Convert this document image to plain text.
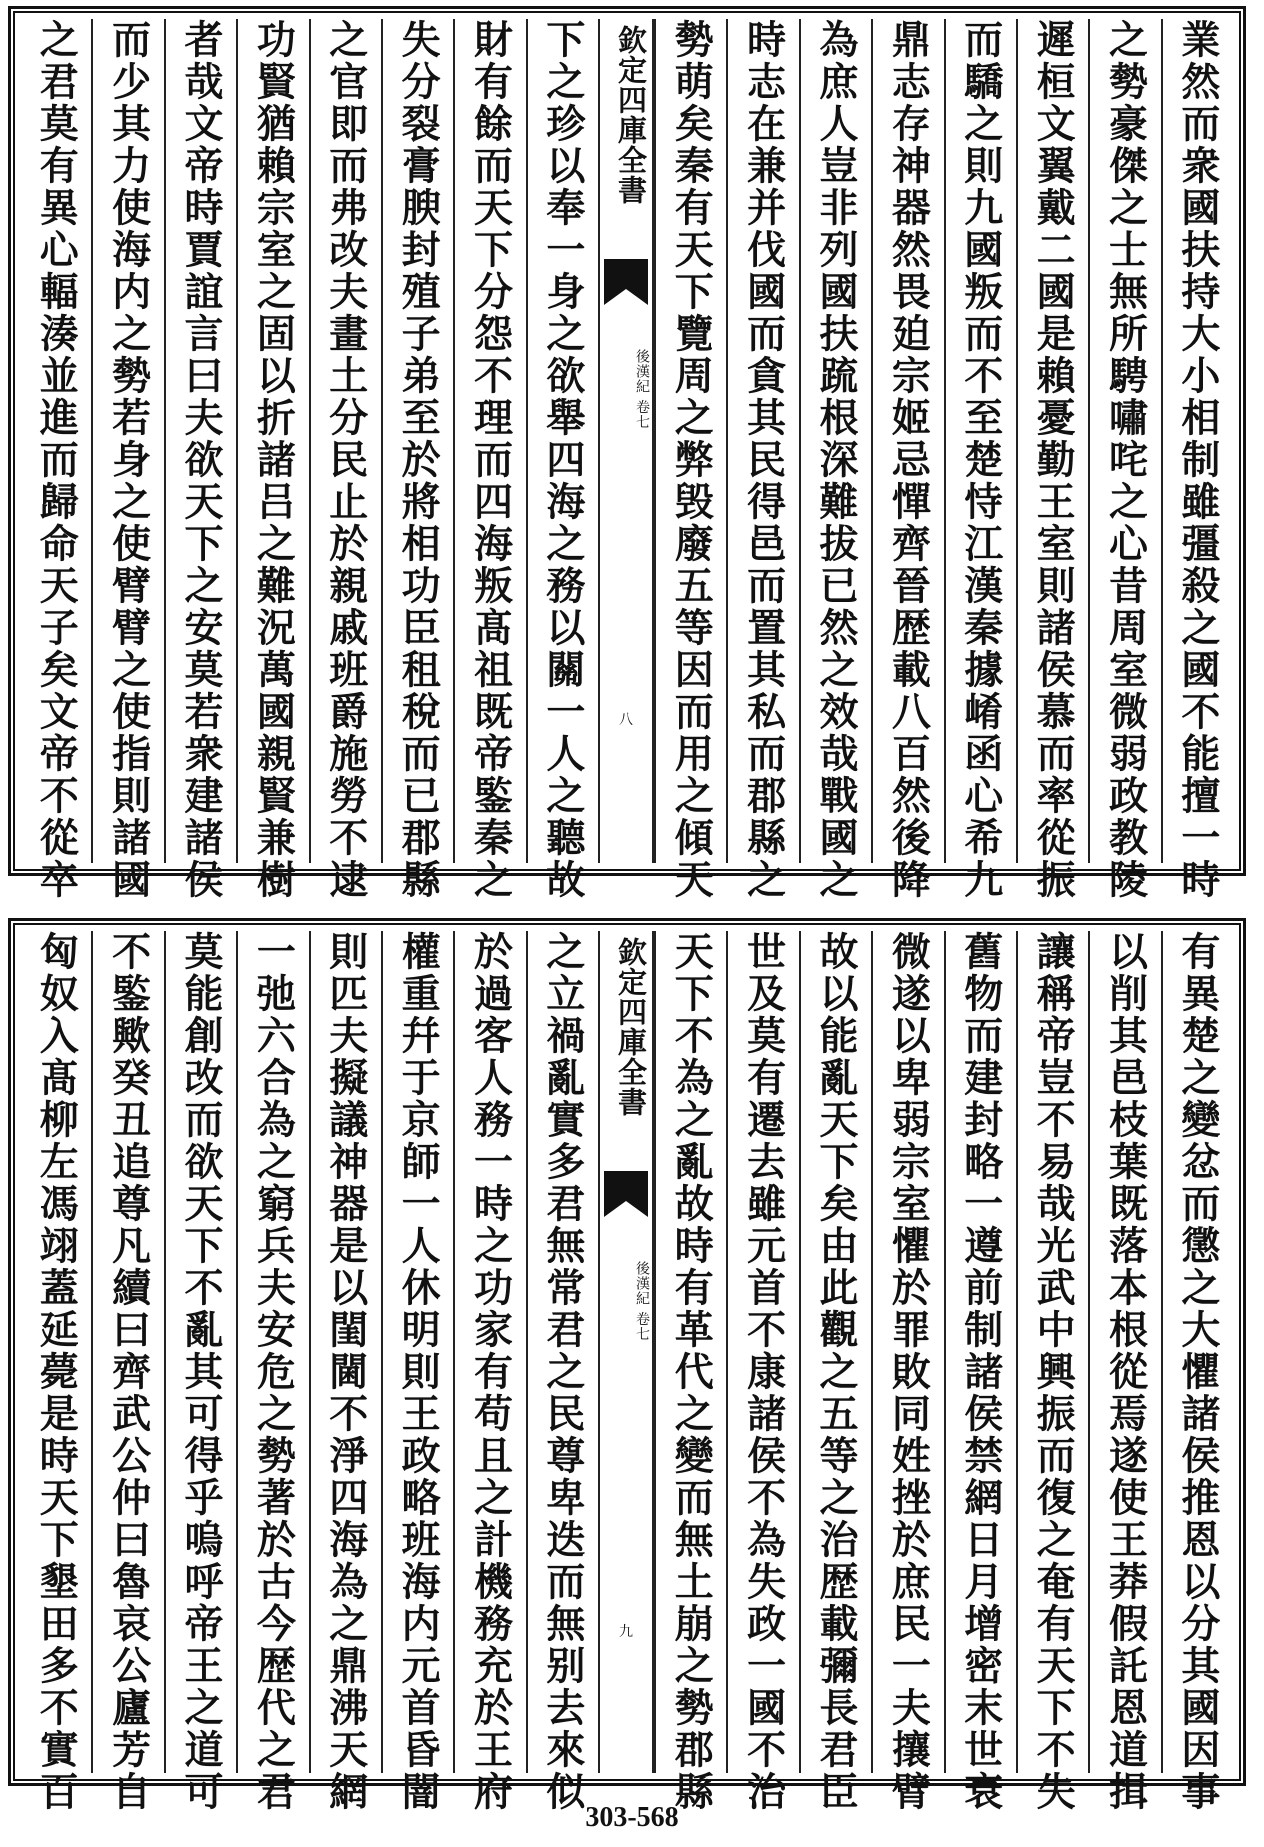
業然而衆國扶持大小相制雖彊殺之國不能擅一時
之勢豪傑之士無所騁嘯咤之心昔周室微弱政教陵
遲桓文翼戴二國是賴憂勤王室則諸侯慕而率從振
而驕之則九國叛而不至楚恃江漢秦據崤函心希九
鼎志存神器然畏廹宗姬忌憚齊晉歴載八百然後降
為庶人豈非列國扶䟽根深難拔已然之效哉戰國之
時志在兼并伐國而貪其民得邑而置其私而郡縣之
勢萌矣秦有天下覽周之弊毁廢五等因而用之傾天
欽定四庫全書
後漢紀 卷七
八
下之珍以奉一身之欲舉四海之務以關一人之聽故
財有餘而天下分怨不理而四海叛髙祖既帝鍳秦之
失分裂膏腴封殖子弟至於將相功臣租稅而已郡縣
之官即而弗改夫畫土分民止於親戚班爵施勞不逮
功賢猶賴宗室之固以折諸吕之難況萬國親賢兼樹
者哉文帝時賈誼言曰夫欲天下之安莫若衆建諸侯
而少其力使海内之勢若身之使臂臂之使指則諸國
之君莫有異心輻湊並進而歸命天子矣文帝不從卒
有異楚之變忿而懲之大懼諸侯推恩以分其國因事
以削其邑枝葉既落本根從焉遂使王莽假託恩道揖
讓稱帝豈不易哉光武中興振而復之奄有天下不失
舊物而建封略一遵前制諸侯禁網日月增密末世衰
微遂以卑弱宗室懼於罪敗同姓挫於庶民一夫攘臂
故以能亂天下矣由此觀之五等之治歴載彌長君臣
世及莫有遷去雖元首不康諸侯不為失政一國不治
天下不為之亂故時有革代之變而無土崩之勢郡縣
欽定四庫全書
後漢紀 卷七
九
之立禍亂實多君無常君之民尊卑迭而無别去來似
於過客人務一時之功家有苟且之計機務充於王府
權重幷于京師一人休明則王政略班海内元首昏闇
則匹夫擬議神器是以閨閫不淨四海為之鼎沸天網
一弛六合為之窮兵夫安危之勢著於古今歴代之君
莫能創改而欲天下不亂其可得乎嗚呼帝王之道可
不鍳歟癸丑追尊凡續曰齊武公仲曰魯哀公廬芳自
匈奴入髙柳左馮翊蓋延薨是時天下墾田多不實百
303-568
